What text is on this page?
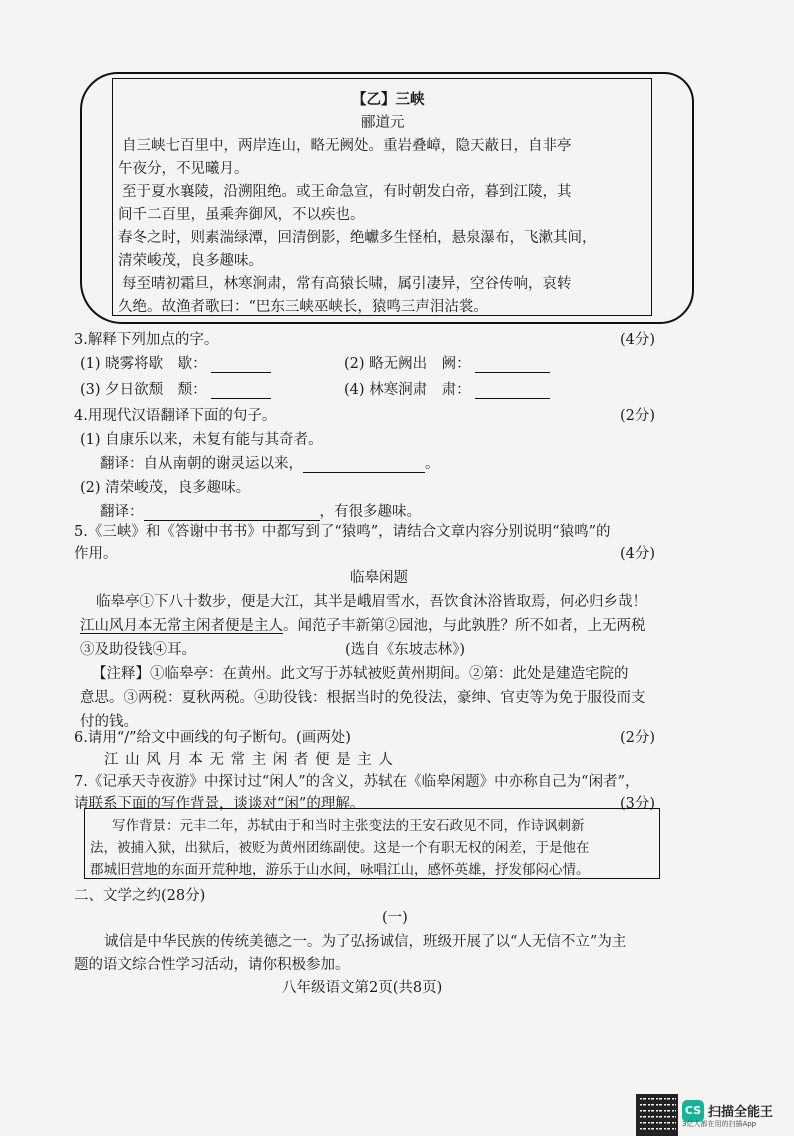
【乙】三峡
郦道元
自三峡七百里中，两岸连山，略无阙处。重岩叠嶂，隐天蔽日，自非亭
午夜分，不见曦月。
至于夏水襄陵，沿溯阻绝。或王命急宣，有时朝发白帝，暮到江陵，其
间千二百里，虽乘奔御风，不以疾也。
春冬之时，则素湍绿潭，回清倒影，绝巘多生怪柏，悬泉瀑布，飞漱其间，
清荣峻茂，良多趣味。
每至晴初霜旦，林寒涧肃，常有高猿长啸，属引凄异，空谷传响，哀转
久绝。故渔者歌曰：“巴东三峡巫峡长，猿鸣三声泪沾裳。
3.解释下列加点的字。	(4分)
(1) 晓雾将歇　歇：	(2) 略无阙出　阙：
(3) 夕日欲颓　颓：	(4) 林寒涧肃　肃：
4.用现代汉语翻译下面的句子。	(2分)
(1) 自康乐以来，未复有能与其奇者。
翻译：自从南朝的谢灵运以来，	。
(2) 清荣峻茂，良多趣味。
翻译：	，有很多趣味。
5.《三峡》和《答谢中书书》中都写到了“猿鸣”，请结合文章内容分别说明“猿鸣”的
作用。	(4分)
临皋闲题
临皋亭①下八十数步，便是大江，其半是峨眉雪水，吾饮食沐浴皆取焉，何必归乡哉！
江山风月本无常主闲者便是主人。闻范子丰新第②园池，与此孰胜？所不如者，上无两税
③及助役钱④耳。	(选自《东坡志林》)
【注释】①临皋亭：在黄州。此文写于苏轼被贬黄州期间。②第：此处是建造宅院的
意思。③两税：夏秋两税。④助役钱：根据当时的免役法，豪绅、官吏等为免于服役而支
付的钱。
6.请用“/”给文中画线的句子断句。(画两处)	(2分)
江 山 风 月 本 无 常 主 闲 者 便 是 主 人
7.《记承天寺夜游》中探讨过“闲人”的含义，苏轼在《临皋闲题》中亦称自己为“闲者”，
请联系下面的写作背景，谈谈对“闲”的理解。	(3分)
写作背景：元丰二年，苏轼由于和当时主张变法的王安石政见不同，作诗讽刺新
法，被捕入狱，出狱后，被贬为黄州团练副使。这是一个有职无权的闲差，于是他在
郡城旧营地的东面开荒种地，游乐于山水间，咏唱江山，感怀英雄，抒发郁闷心情。
二、文学之约(28分)
(一)
诚信是中华民族的传统美德之一。为了弘扬诚信，班级开展了以“人无信不立”为主
题的语文综合性学习活动，请你积极参加。
八年级语文第2页(共8页)
CS 扫描全能王
3亿人都在用的扫描App
